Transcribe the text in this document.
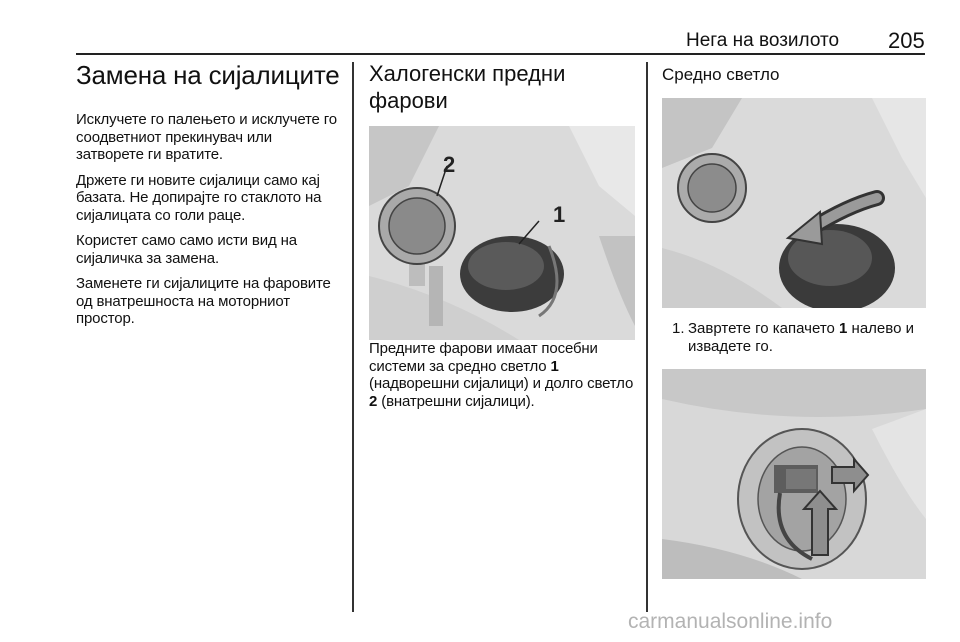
Нега на возилото 205
Замена на сијалиците

Исклучете го палењето и исклучете го соодветниот прекинувач или затворете ги вратите.

Држете ги новите сијалици само кај базата. Не допирајте го стаклото на сијалицата со голи раце.

Користет само само исти вид на сијаличка за замена.

Заменете ги сијалиците на фаровите од внатрешноста на моторниот простор.

Халогенски предни фарови
2
1

Предните фарови имаат посебни системи за средно светло 1 (надворешни сијалици) и долго светло 2 (внатрешни сијалици).

Средно светло
1. Завртете го капачето 1 налево и извадете го.
carmanualsonline.info
